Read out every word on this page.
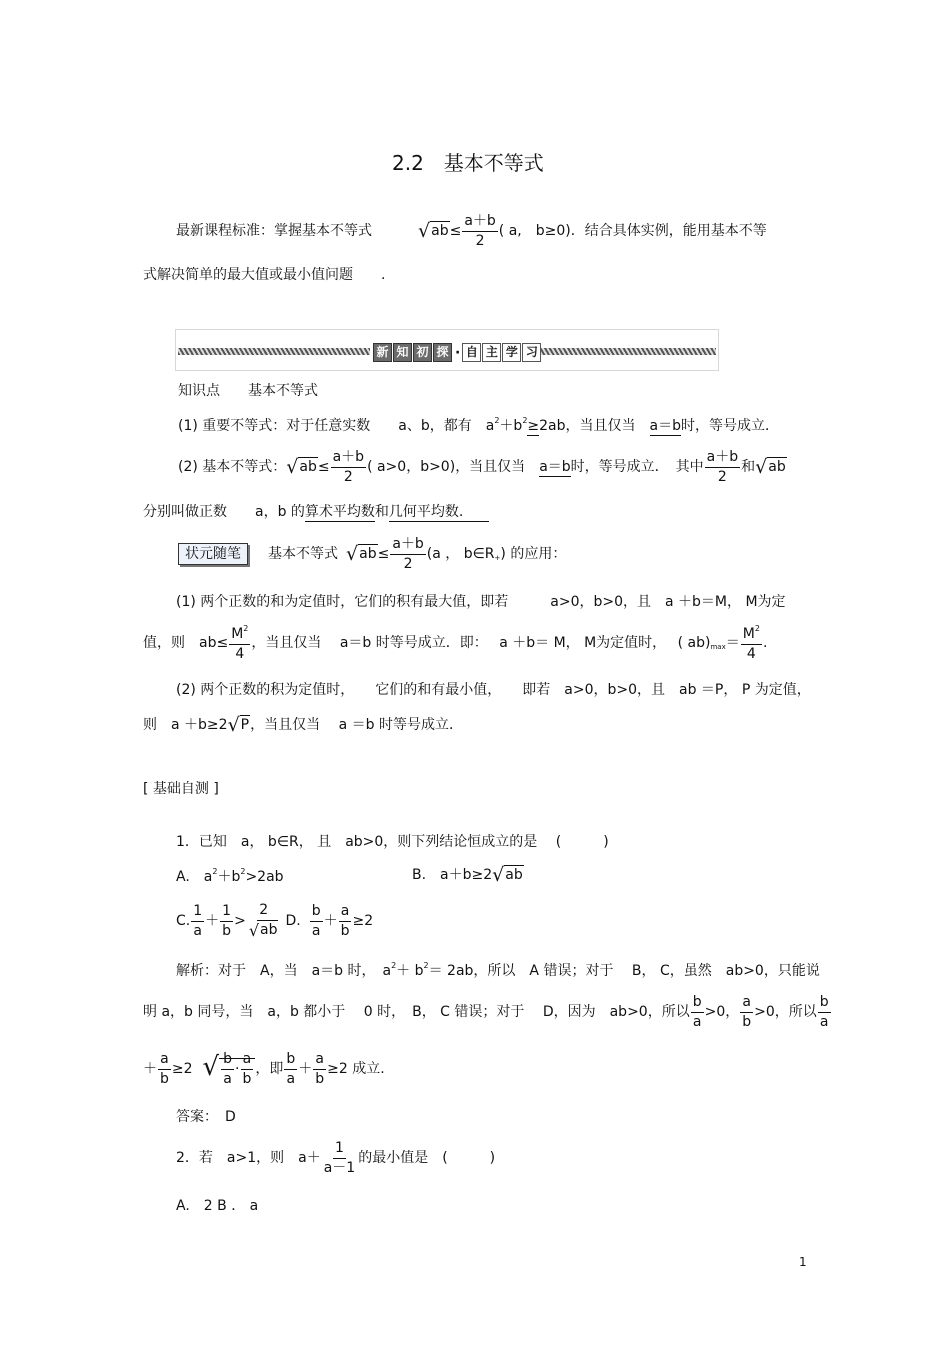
2.2　基本不等式
最新课程标准：掌握基本不等式 $√ab\le \frac{a+b}{2}$ ( a,　b≥0)．结合具体实例，能用基本不等
式解决简单的最大值或最小值问题　　.
新 知 初 探 · 自 主 学 习
知识点　　基本不等式
(1) 重要不等式：对于任意实数　　a、b，都有　$a^2+b^2\ge 2ab$，当且仅当　a＝b时，等号成立．
(2) 基本不等式：$√ab\le \frac{a+b}{2}$ ( a>0，b>0)，当且仅当　a＝b时，等号成立．　其中 $\frac{a+b}{2}$ 和√ab
分别叫做正数　　a，b 的算术平均数和几何平均数.
状元随笔 基本不等式 $√ab\le \frac{a+b}{2} (a$ ， $b\in R_+$) 的应用：
(1) 两个正数的和为定值时，它们的积有最大值，即若　　　a>0，b>0，且　a ＋b＝M， M为定
值，则　$ab\le \frac{M^2}{4}$ ，当且仅当　 a＝b 时等号成立．即：　 a ＋b＝ M， M为定值时，　 ( $ab)_{max}= \frac{M^2}{4}$ .
(2) 两个正数的积为定值时，　　它们的和有最小值，　　即若　a>0，b>0，且　ab ＝P， P 为定值，
则　a ＋b≥2√P，当且仅当　 a ＝b 时等号成立．
[ 基础自测 ]
1．已知　a， b∈R， 且　ab>0，则下列结论恒成立的是　 (　　　)
A.　$a^2+b^2>2ab$	B.　a＋b≥2√ab
C. $\frac{1}{a} + \frac{1}{b} > \frac{2}{√ab} D$. $\frac{b}{a} + \frac{a}{b} \ge 2$
解析：对于　A，当　a＝b 时，　$a^2+ b^2= 2ab$，所以　A 错误；对于　 B， C，虽然　ab>0，只能说
明 a，b 同号，当　a，b 都小于　 0 时，　B， C 错误；对于　 D，因为　ab>0，所以 $\frac{b}{a} >0$， $\frac{a}{b} >0$，所以 $\frac{b}{a}$
＋ $\frac{a}{b} \ge 2$ √ $\frac{b}{a} \cdot \frac{a}{b}$ ，即 $\frac{b}{a} + \frac{a}{b} \ge 2$ 成立.
答案：　D
2．若　a>1，则　$a+ \frac{1}{a-1}$ 的最小值是　(　　　)
A.　2 B ． a
1
